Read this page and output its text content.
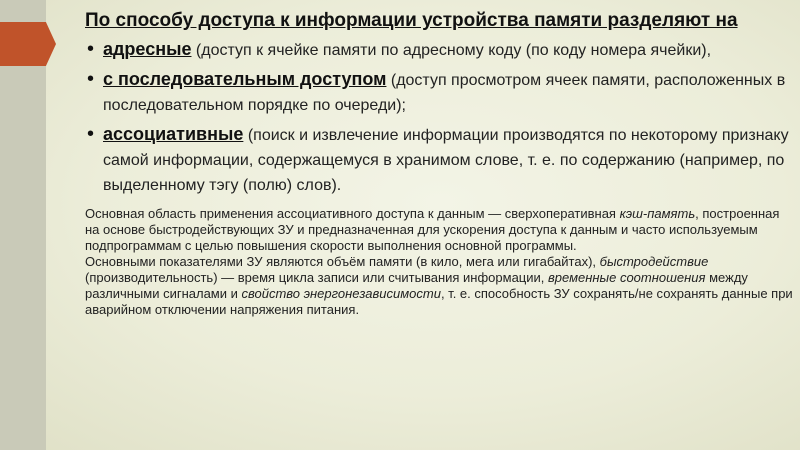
По способу доступа к информации устройства памяти разделяют на
• адресные (доступ к ячейке памяти по адресному коду (по коду номера ячейки),
• с последовательным доступом (доступ просмотром ячеек памяти, расположенных в последовательном порядке по очереди);
• ассоциативные (поиск и извлечение информации производятся по некоторому признаку самой информации, содержащемуся в хранимом слове, т. е. по содержанию (например, по выделенному тэгу (полю) слов).

Основная область применения ассоциативного доступа к данным — сверхоперативная кэш-память, построенная на основе быстродействующих ЗУ и предназначенная для ускорения доступа к данным и часто используемым подпрограммам с целью повышения скорости выполнения основной программы.

Основными показателями ЗУ являются объём памяти (в кило, мега или гигабайтах), быстродействие (производительность) — время цикла записи или считывания информации, временные соотношения между различными сигналами и свойство энергонезависимости, т. е. способность ЗУ сохранять/не сохранять данные при аварийном отключении напряжения питания.
